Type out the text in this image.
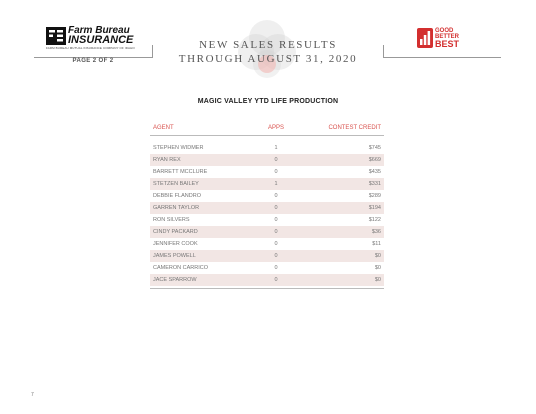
Farm Bureau
INSURANCE
FARM BUREAU MUTUAL INSURANCE COMPANY OF IDAHO
PAGE 2 OF 2
NEW SALES RESULTS
THROUGH AUGUST 31, 2020
GOOD
BETTER
BEST
MAGIC VALLEY YTD LIFE PRODUCTION
AGENT	APPS	CONTEST CREDIT
STEPHEN WIDMER	1	$745
RYAN REX	0	$669
BARRETT MCCLURE	0	$435
STETZEN BAILEY	1	$331
DEBBIE FLANDRO	0	$289
GARREN TAYLOR	0	$194
RON SILVERS	0	$122
CINDY PACKARD	0	$36
JENNIFER COOK	0	$11
JAMES POWELL	0	$0
CAMERON CARRICO	0	$0
JACE SPARROW	0	$0
7
